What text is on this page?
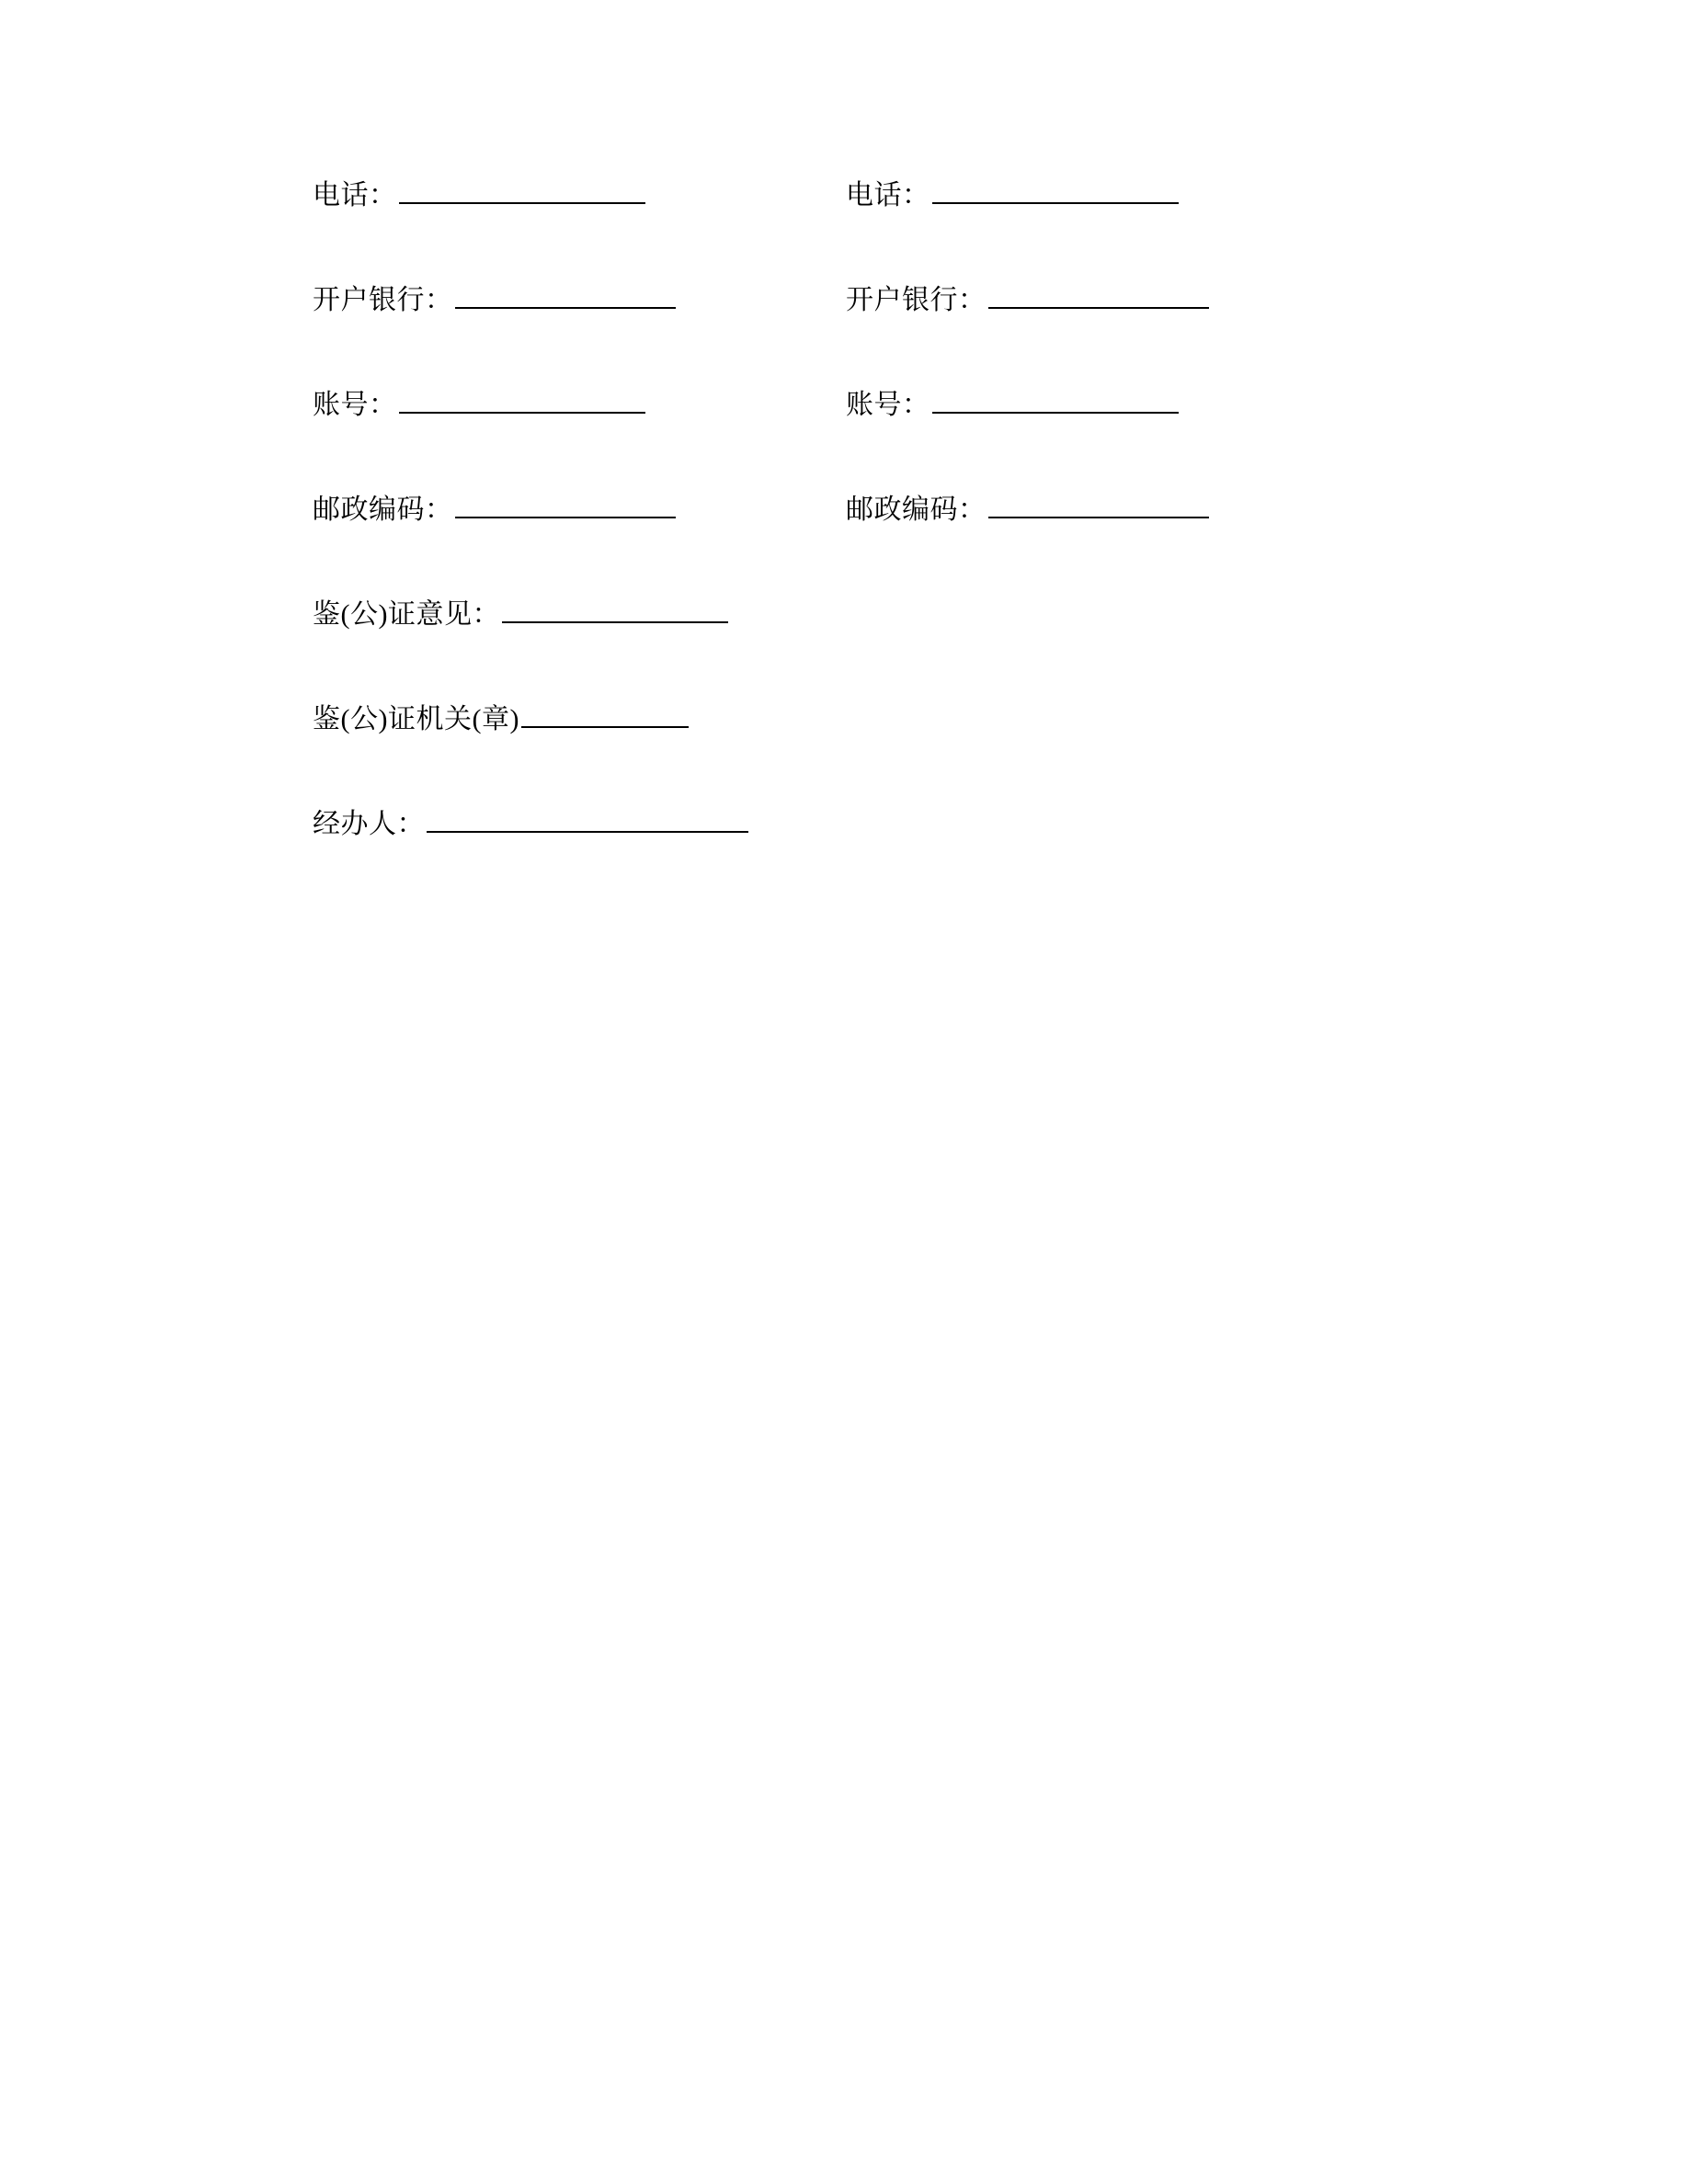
电话：	电话：
开户银行：	开户银行：
账号：	账号：
邮政编码：	邮政编码：
鉴(公)证意见：
鉴(公)证机关(章)
经办人：
